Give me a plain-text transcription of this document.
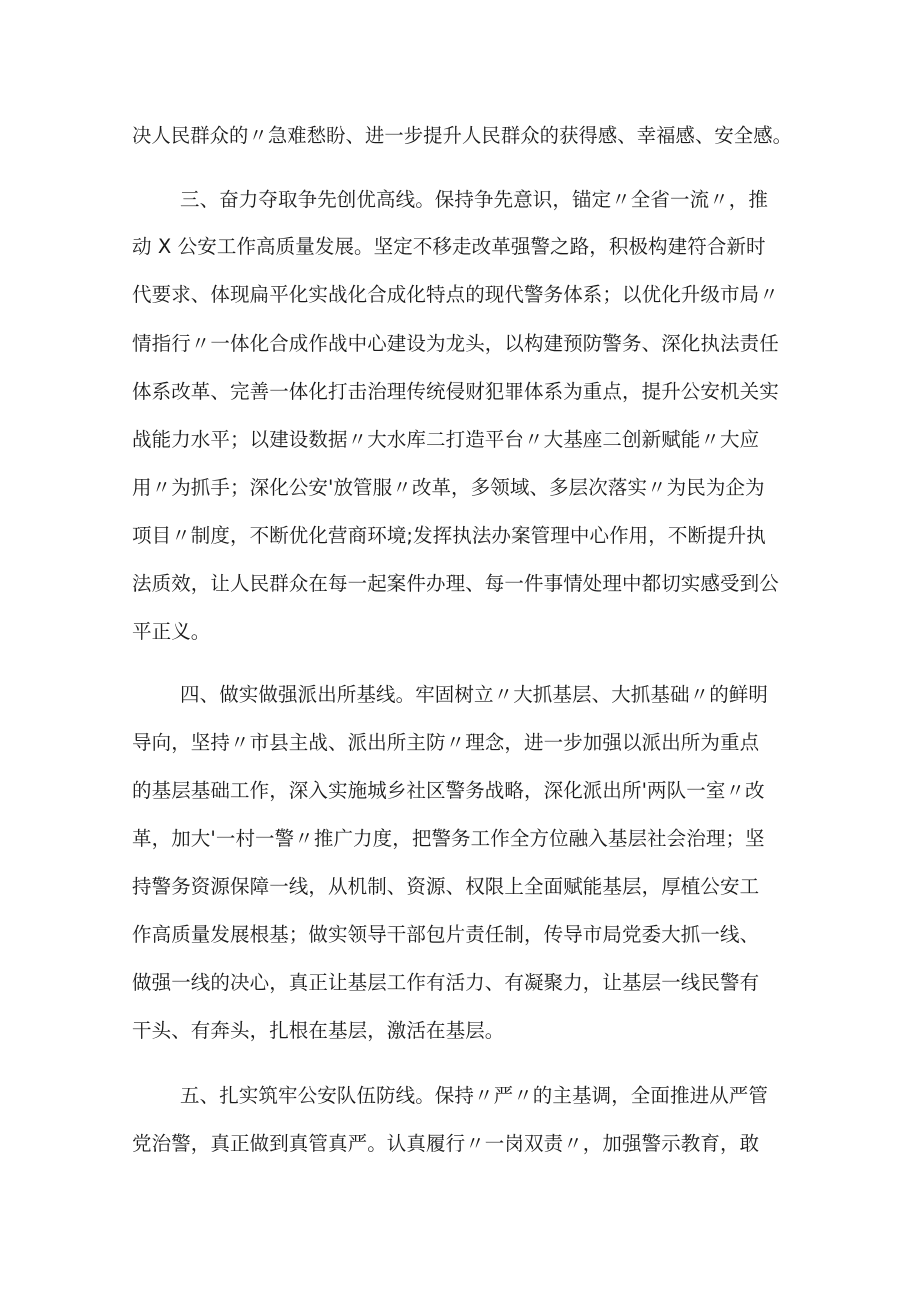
决人民群众的〃急难愁盼、进一步提升人民群众的获得感、幸福感、安全感。
三、奋力夺取争先创优高线。保持争先意识，锚定〃全省一流〃，推
动 X 公安工作高质量发展。坚定不移走改革强警之路，积极构建符合新时
代要求、体现扁平化实战化合成化特点的现代警务体系；以优化升级市局〃
情指行〃一体化合成作战中心建设为龙头，以构建预防警务、深化执法责任
体系改革、完善一体化打击治理传统侵财犯罪体系为重点，提升公安机关实
战能力水平；以建设数据〃大水库二打造平台〃大基座二创新赋能〃大应
用〃为抓手；深化公安'放管服〃改革，多领域、多层次落实〃为民为企为
项目〃制度，不断优化营商环境;发挥执法办案管理中心作用，不断提升执
法质效，让人民群众在每一起案件办理、每一件事情处理中都切实感受到公
平正义。
四、做实做强派出所基线。牢固树立〃大抓基层、大抓基础〃的鲜明
导向，坚持〃市县主战、派出所主防〃理念，进一步加强以派出所为重点
的基层基础工作，深入实施城乡社区警务战略，深化派出所'两队一室〃改
革，加大'一村一警〃推广力度，把警务工作全方位融入基层社会治理；坚
持警务资源保障一线，从机制、资源、权限上全面赋能基层，厚植公安工
作高质量发展根基；做实领导干部包片责任制，传导市局党委大抓一线、
做强一线的决心，真正让基层工作有活力、有凝聚力，让基层一线民警有
干头、有奔头，扎根在基层，激活在基层。
五、扎实筑牢公安队伍防线。保持〃严〃的主基调，全面推进从严管
党治警，真正做到真管真严。认真履行〃一岗双责〃，加强警示教育，敢
